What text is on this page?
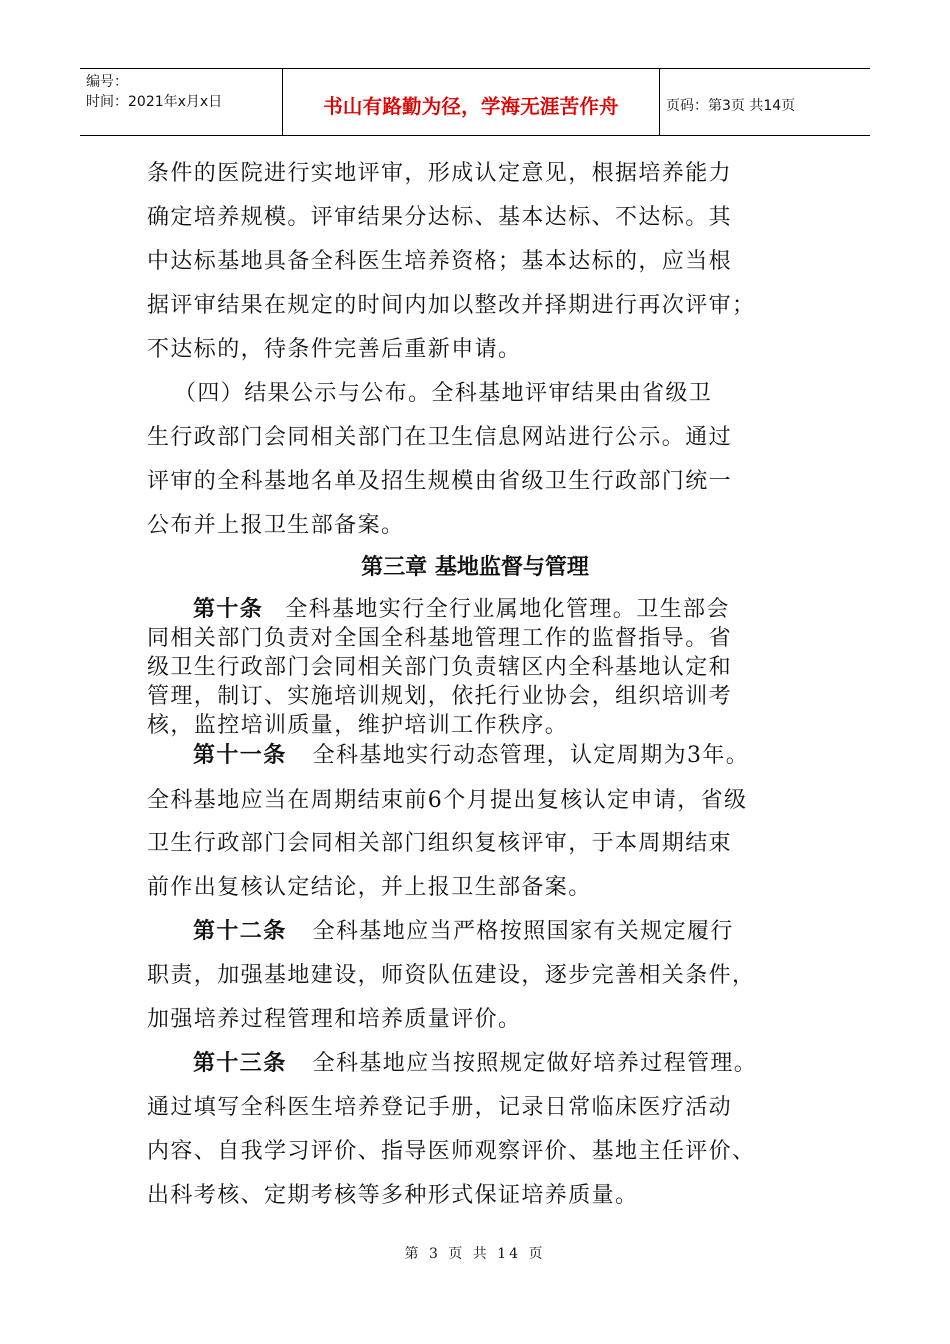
编号：
时间：2021年x月x日	书山有路勤为径，学海无涯苦作舟	页码：第3页 共14页
条件的医院进行实地评审，形成认定意见，根据培养能力
确定培养规模。评审结果分达标、基本达标、不达标。其
中达标基地具备全科医生培养资格；基本达标的，应当根
据评审结果在规定的时间内加以整改并择期进行再次评审；
不达标的，待条件完善后重新申请。
（四）结果公示与公布。全科基地评审结果由省级卫
生行政部门会同相关部门在卫生信息网站进行公示。通过
评审的全科基地名单及招生规模由省级卫生行政部门统一
公布并上报卫生部备案。
第三章 基地监督与管理
第十条 全科基地实行全行业属地化管理。卫生部会
同相关部门负责对全国全科基地管理工作的监督指导。省
级卫生行政部门会同相关部门负责辖区内全科基地认定和
管理，制订、实施培训规划，依托行业协会，组织培训考
核，监控培训质量，维护培训工作秩序。
第十一条 全科基地实行动态管理，认定周期为3年。
全科基地应当在周期结束前6个月提出复核认定申请，省级
卫生行政部门会同相关部门组织复核评审，于本周期结束
前作出复核认定结论，并上报卫生部备案。
第十二条 全科基地应当严格按照国家有关规定履行
职责，加强基地建设，师资队伍建设，逐步完善相关条件，
加强培养过程管理和培养质量评价。
第十三条 全科基地应当按照规定做好培养过程管理。
通过填写全科医生培养登记手册，记录日常临床医疗活动
内容、自我学习评价、指导医师观察评价、基地主任评价、
出科考核、定期考核等多种形式保证培养质量。
第 3 页 共 14 页
